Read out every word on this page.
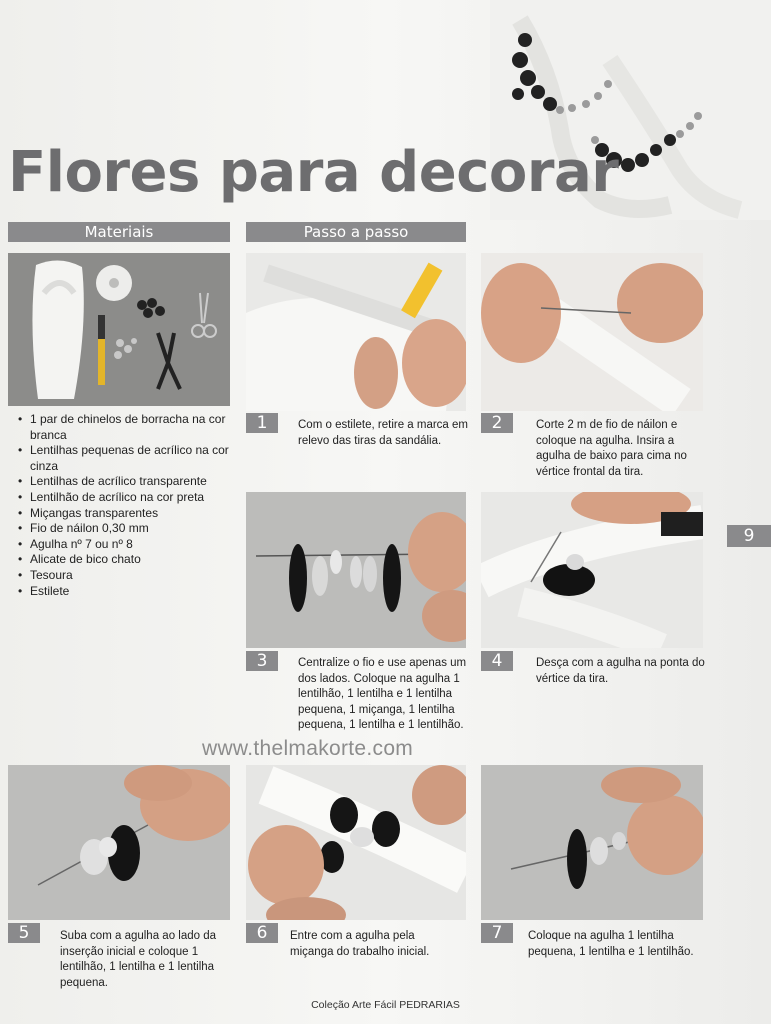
Flores para decorar
Materiais	Passo a passo
• 1 par de chinelos de borracha na cor branca
• Lentilhas pequenas de acrílico na cor cinza
• Lentilhas de acrílico transparente
• Lentilhão de acrílico na cor preta
• Miçangas transparentes
• Fio de náilon 0,30 mm
• Agulha nº 7 ou nº 8
• Alicate de bico chato
• Tesoura
• Estilete
1	Com o estilete, retire a marca em relevo das tiras da sandália.
2	Corte 2 m de fio de náilon e coloque na agulha. Insira a agulha de baixo para cima no vértice frontal da tira.
3	Centralize o fio e use apenas um dos lados. Coloque na agulha 1 lentilhão, 1 lentilha e 1 lentilha pequena, 1 miçanga, 1 lentilha pequena, 1 lentilha e 1 lentilhão.
4	Desça com a agulha na ponta do vértice da tira.
9
www.thelmakorte.com
5	Suba com a agulha ao lado da inserção inicial e coloque 1 lentilhão, 1 lentilha e 1 lentilha pequena.
6	Entre com a agulha pela miçanga do trabalho inicial.
7	Coloque na agulha 1 lentilha pequena, 1 lentilha e 1 lentilhão.
Coleção Arte Fácil PEDRARIAS
